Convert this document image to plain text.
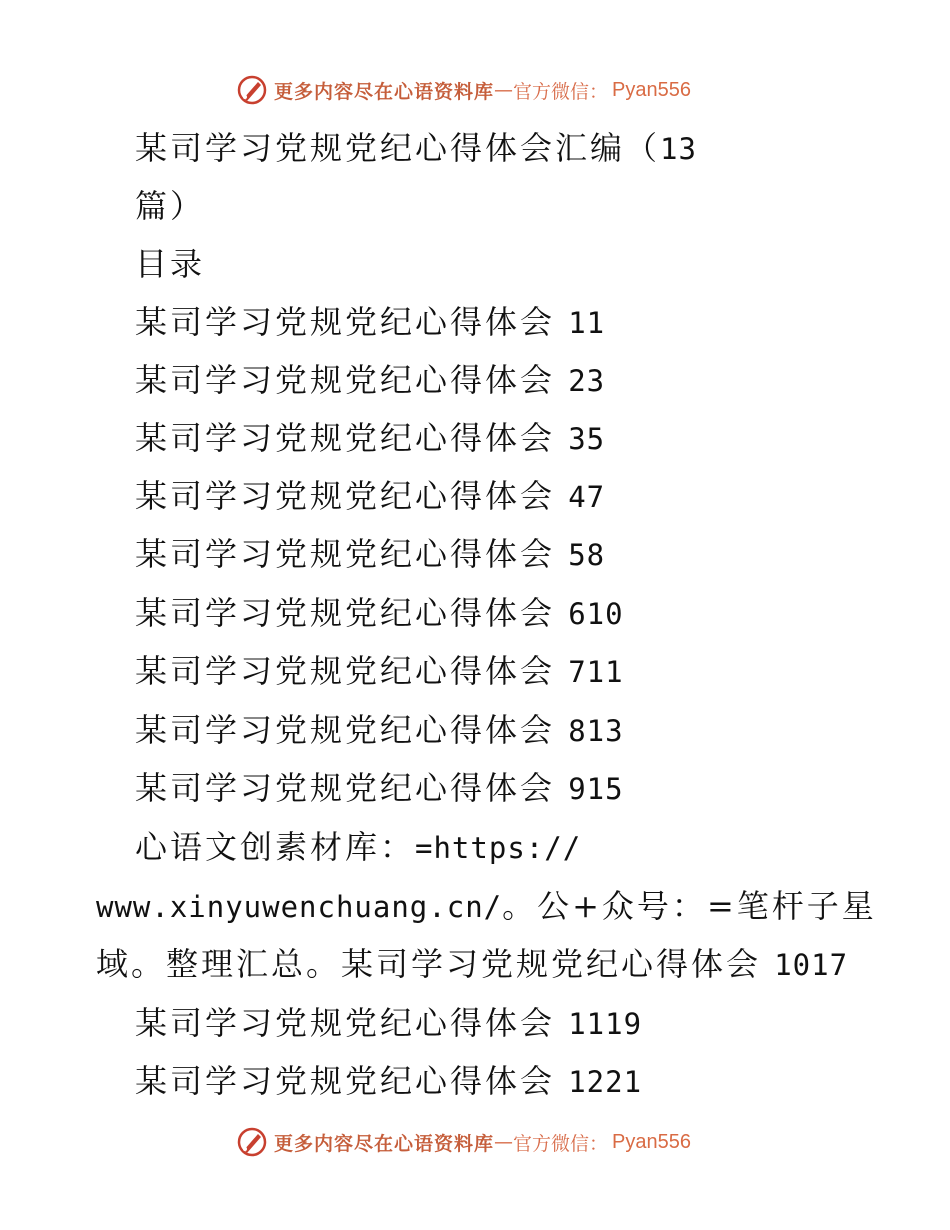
更多内容尽在心语资料库 — 官方微信： Pyan556
某司学习党规党纪心得体会汇编（13
篇）
目录
某司学习党规党纪心得体会 11
某司学习党规党纪心得体会 23
某司学习党规党纪心得体会 35
某司学习党规党纪心得体会 47
某司学习党规党纪心得体会 58
某司学习党规党纪心得体会 610
某司学习党规党纪心得体会 711
某司学习党规党纪心得体会 813
某司学习党规党纪心得体会 915
心语文创素材库：=https://
www.xinyuwenchuang.cn/。公+众号：=笔杆子星
域。整理汇总。某司学习党规党纪心得体会 1017
某司学习党规党纪心得体会 1119
某司学习党规党纪心得体会 1221
更多内容尽在心语资料库 — 官方微信： Pyan556
